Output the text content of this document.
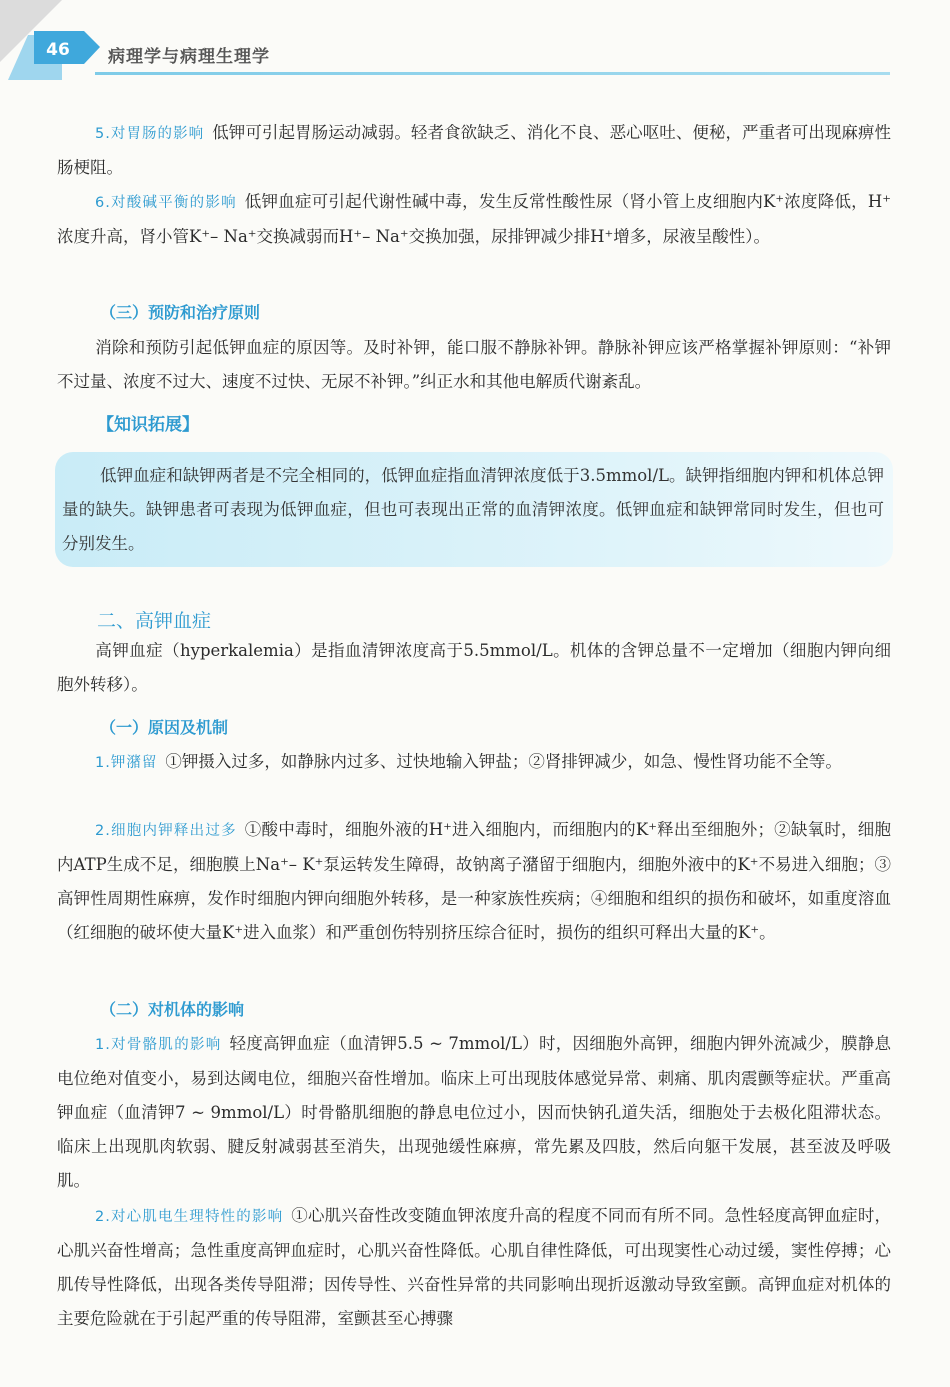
46	病理学与病理生理学
5.对胃肠的影响 低钾可引起胃肠运动减弱。轻者食欲缺乏、消化不良、恶心呕吐、便秘，严重者可出现麻痹性肠梗阻。
6.对酸碱平衡的影响 低钾血症可引起代谢性碱中毒，发生反常性酸性尿（肾小管上皮细胞内K⁺浓度降低，H⁺浓度升高，肾小管K⁺– Na⁺交换减弱而H⁺– Na⁺交换加强，尿排钾减少排H⁺增多，尿液呈酸性）。
（三）预防和治疗原则
消除和预防引起低钾血症的原因等。及时补钾，能口服不静脉补钾。静脉补钾应该严格掌握补钾原则：“补钾不过量、浓度不过大、速度不过快、无尿不补钾。”纠正水和其他电解质代谢紊乱。
【知识拓展】
低钾血症和缺钾两者是不完全相同的，低钾血症指血清钾浓度低于3.5mmol/L。缺钾指细胞内钾和机体总钾量的缺失。缺钾患者可表现为低钾血症，但也可表现出正常的血清钾浓度。低钾血症和缺钾常同时发生，但也可分别发生。
二、高钾血症
高钾血症（hyperkalemia）是指血清钾浓度高于5.5mmol/L。机体的含钾总量不一定增加（细胞内钾向细胞外转移）。
（一）原因及机制
1.钾潴留 ①钾摄入过多，如静脉内过多、过快地输入钾盐；②肾排钾减少，如急、慢性肾功能不全等。
2.细胞内钾释出过多 ①酸中毒时，细胞外液的H⁺进入细胞内，而细胞内的K⁺释出至细胞外；②缺氧时，细胞内ATP生成不足，细胞膜上Na⁺– K⁺泵运转发生障碍，故钠离子潴留于细胞内，细胞外液中的K⁺不易进入细胞；③高钾性周期性麻痹，发作时细胞内钾向细胞外转移，是一种家族性疾病；④细胞和组织的损伤和破坏，如重度溶血（红细胞的破坏使大量K⁺进入血浆）和严重创伤特别挤压综合征时，损伤的组织可释出大量的K⁺。
（二）对机体的影响
1.对骨骼肌的影响 轻度高钾血症（血清钾5.5 ~ 7mmol/L）时，因细胞外高钾，细胞内钾外流减少，膜静息电位绝对值变小，易到达阈电位，细胞兴奋性增加。临床上可出现肢体感觉异常、刺痛、肌肉震颤等症状。严重高钾血症（血清钾7 ~ 9mmol/L）时骨骼肌细胞的静息电位过小，因而快钠孔道失活，细胞处于去极化阻滞状态。临床上出现肌肉软弱、腱反射减弱甚至消失，出现弛缓性麻痹，常先累及四肢，然后向躯干发展，甚至波及呼吸肌。
2.对心肌电生理特性的影响 ①心肌兴奋性改变随血钾浓度升高的程度不同而有所不同。急性轻度高钾血症时，心肌兴奋性增高；急性重度高钾血症时，心肌兴奋性降低。心肌自律性降低，可出现窦性心动过缓，窦性停搏；心肌传导性降低，出现各类传导阻滞；因传导性、兴奋性异常的共同影响出现折返激动导致室颤。高钾血症对机体的主要危险就在于引起严重的传导阻滞，室颤甚至心搏骤
